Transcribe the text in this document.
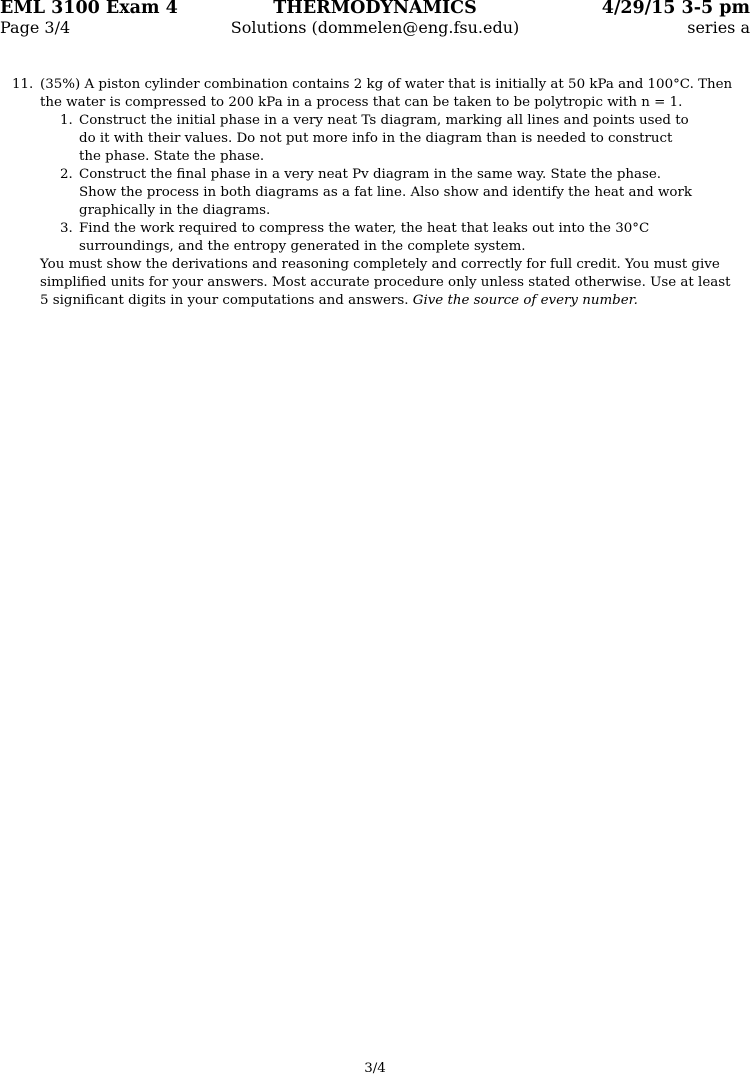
EML 3100 Exam 4	THERMODYNAMICS	4/29/15 3-5 pm
Page 3/4	Solutions (dommelen@eng.fsu.edu)	series a
11. (35%) A piston cylinder combination contains 2 kg of water that is initially at 50 kPa and 100°C. Then
the water is compressed to 200 kPa in a process that can be taken to be polytropic with n = 1.
1. Construct the initial phase in a very neat Ts diagram, marking all lines and points used to
do it with their values. Do not put more info in the diagram than is needed to construct
the phase. State the phase.
2. Construct the final phase in a very neat Pv diagram in the same way. State the phase.
Show the process in both diagrams as a fat line. Also show and identify the heat and work
graphically in the diagrams.
3. Find the work required to compress the water, the heat that leaks out into the 30°C
surroundings, and the entropy generated in the complete system.
You must show the derivations and reasoning completely and correctly for full credit. You must give
simplified units for your answers. Most accurate procedure only unless stated otherwise. Use at least
5 significant digits in your computations and answers. Give the source of every number.
3/4
